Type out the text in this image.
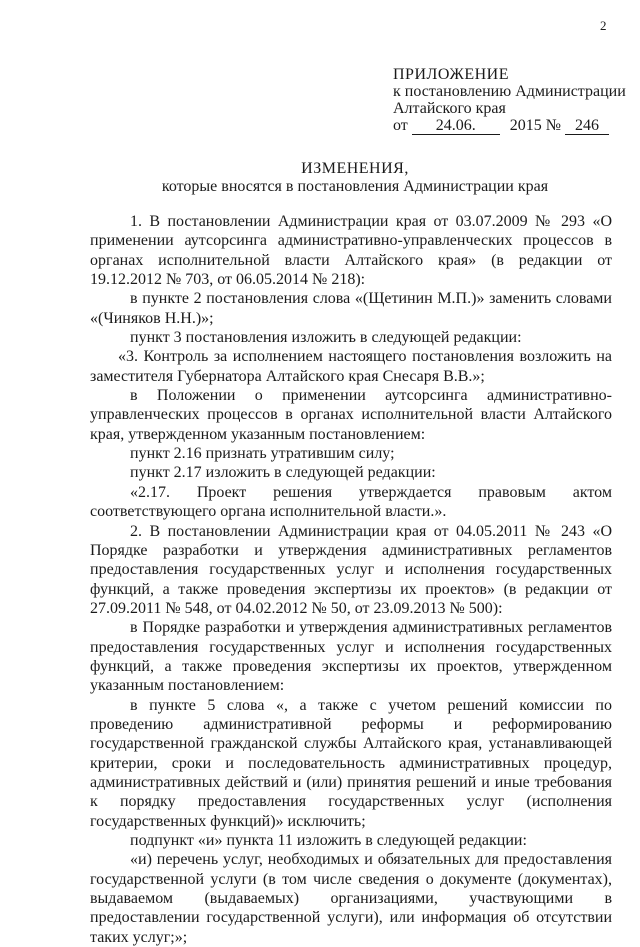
2
ПРИЛОЖЕНИЕ
к постановлению Администрации
Алтайского края
от 24.06. 2015 № 246
ИЗМЕНЕНИЯ,
которые вносятся в постановления Администрации края
1. В постановлении Администрации края от 03.07.2009 № 293 «О применении аутсорсинга административно-управленческих процессов в органах исполнительной власти Алтайского края» (в редакции от 19.12.2012 № 703, от 06.05.2014 № 218):
в пункте 2 постановления слова «(Щетинин М.П.)» заменить словами «(Чиняков Н.Н.)»;
пункт 3 постановления изложить в следующей редакции:
«3. Контроль за исполнением настоящего постановления возложить на заместителя Губернатора Алтайского края Снесаря В.В.»;
в Положении о применении аутсорсинга административно-управленческих процессов в органах исполнительной власти Алтайского края, утвержденном указанным постановлением:
пункт 2.16 признать утратившим силу;
пункт 2.17 изложить в следующей редакции:
«2.17. Проект решения утверждается правовым актом соответствующего органа исполнительной власти.».
2. В постановлении Администрации края от 04.05.2011 № 243 «О Порядке разработки и утверждения административных регламентов предоставления государственных услуг и исполнения государственных функций, а также проведения экспертизы их проектов» (в редакции от 27.09.2011 № 548, от 04.02.2012 № 50, от 23.09.2013 № 500):
в Порядке разработки и утверждения административных регламентов предоставления государственных услуг и исполнения государственных функций, а также проведения экспертизы их проектов, утвержденном указанным постановлением:
в пункте 5 слова «, а также с учетом решений комиссии по проведению административной реформы и реформированию государственной гражданской службы Алтайского края, устанавливающей критерии, сроки и последовательность административных процедур, административных действий и (или) принятия решений и иные требования к порядку предоставления государственных услуг (исполнения государственных функций)» исключить;
подпункт «и» пункта 11 изложить в следующей редакции:
«и) перечень услуг, необходимых и обязательных для предоставления государственной услуги (в том числе сведения о документе (документах), выдаваемом (выдаваемых) организациями, участвующими в предоставлении государственной услуги), или информация об отсутствии таких услуг;»;
